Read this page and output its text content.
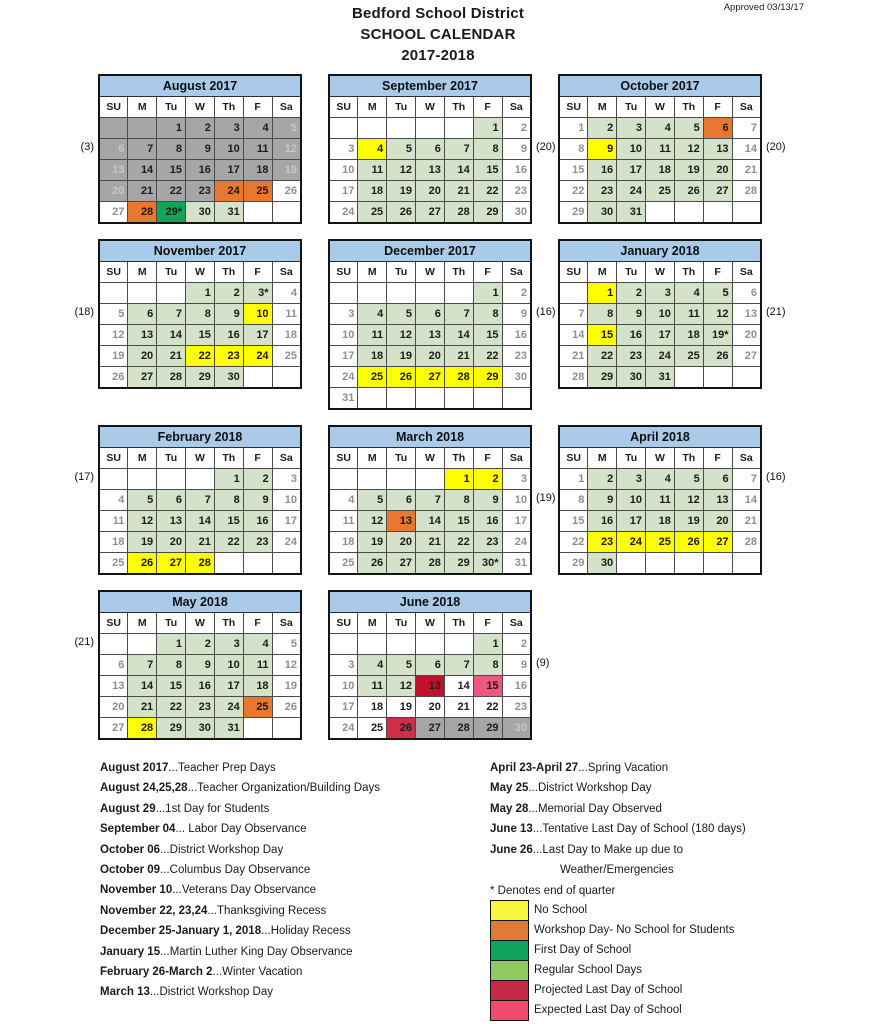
Approved 03/13/17
Bedford School District
SCHOOL CALENDAR
2017-2018
August 2017						
SU	M	Tu	W	Th	F	Sa
		1	2	3	4	5
6	7	8	9	10	11	12
13	14	15	16	17	18	19
20	21	22	23	24	25	26
27	28	29*	30	31		
(3)
September 2017						
SU	M	Tu	W	Th	F	Sa
					1	2
3	4	5	6	7	8	9
10	11	12	13	14	15	16
17	18	19	20	21	22	23
24	25	26	27	28	29	30
(20)
October 2017						
SU	M	Tu	W	Th	F	Sa
1	2	3	4	5	6	7
8	9	10	11	12	13	14
15	16	17	18	19	20	21
22	23	24	25	26	27	28
29	30	31				
(20)
November 2017						
SU	M	Tu	W	Th	F	Sa
			1	2	3*	4
5	6	7	8	9	10	11
12	13	14	15	16	17	18
19	20	21	22	23	24	25
26	27	28	29	30		
(18)
December 2017						
SU	M	Tu	W	Th	F	Sa
					1	2
3	4	5	6	7	8	9
10	11	12	13	14	15	16
17	18	19	20	21	22	23
24	25	26	27	28	29	30
31						
(16)
January 2018						
SU	M	Tu	W	Th	F	Sa
	1	2	3	4	5	6
7	8	9	10	11	12	13
14	15	16	17	18	19*	20
21	22	23	24	25	26	27
28	29	30	31			
(21)
February 2018						
SU	M	Tu	W	Th	F	Sa
				1	2	3
4	5	6	7	8	9	10
11	12	13	14	15	16	17
18	19	20	21	22	23	24
25	26	27	28			
(17)
March 2018						
SU	M	Tu	W	Th	F	Sa
				1	2	3
4	5	6	7	8	9	10
11	12	13	14	15	16	17
18	19	20	21	22	23	24
25	26	27	28	29	30*	31
(19)
April 2018						
SU	M	Tu	W	Th	F	Sa
1	2	3	4	5	6	7
8	9	10	11	12	13	14
15	16	17	18	19	20	21
22	23	24	25	26	27	28
29	30					
(16)
May 2018						
SU	M	Tu	W	Th	F	Sa
		1	2	3	4	5
6	7	8	9	10	11	12
13	14	15	16	17	18	19
20	21	22	23	24	25	26
27	28	29	30	31		
(21)
June 2018						
SU	M	Tu	W	Th	F	Sa
					1	2
3	4	5	6	7	8	9
10	11	12	13	14	15	16
17	18	19	20	21	22	23
24	25	26	27	28	29	30
(9)
August 2017...Teacher Prep Days
August 24,25,28...Teacher Organization/Building Days
August 29...1st Day for Students
September 04... Labor Day Observance
October 06...District Workshop Day
October 09...Columbus Day Observance
November 10...Veterans Day Observance
November 22, 23,24...Thanksgiving Recess
December 25-January 1, 2018...Holiday Recess
January 15...Martin Luther King Day Observance
February 26-March 2...Winter Vacation
March 13...District Workshop Day
April 23-April 27...Spring Vacation
May 25...District Workshop Day
May 28...Memorial Day Observed
June 13...Tentative Last Day of School (180 days)
June 26...Last Day to Make up due to
Weather/Emergencies
* Denotes end of quarter
No School
Workshop Day- No School for Students
First Day of School
Regular School Days
Projected Last Day of School
Expected Last Day of School
